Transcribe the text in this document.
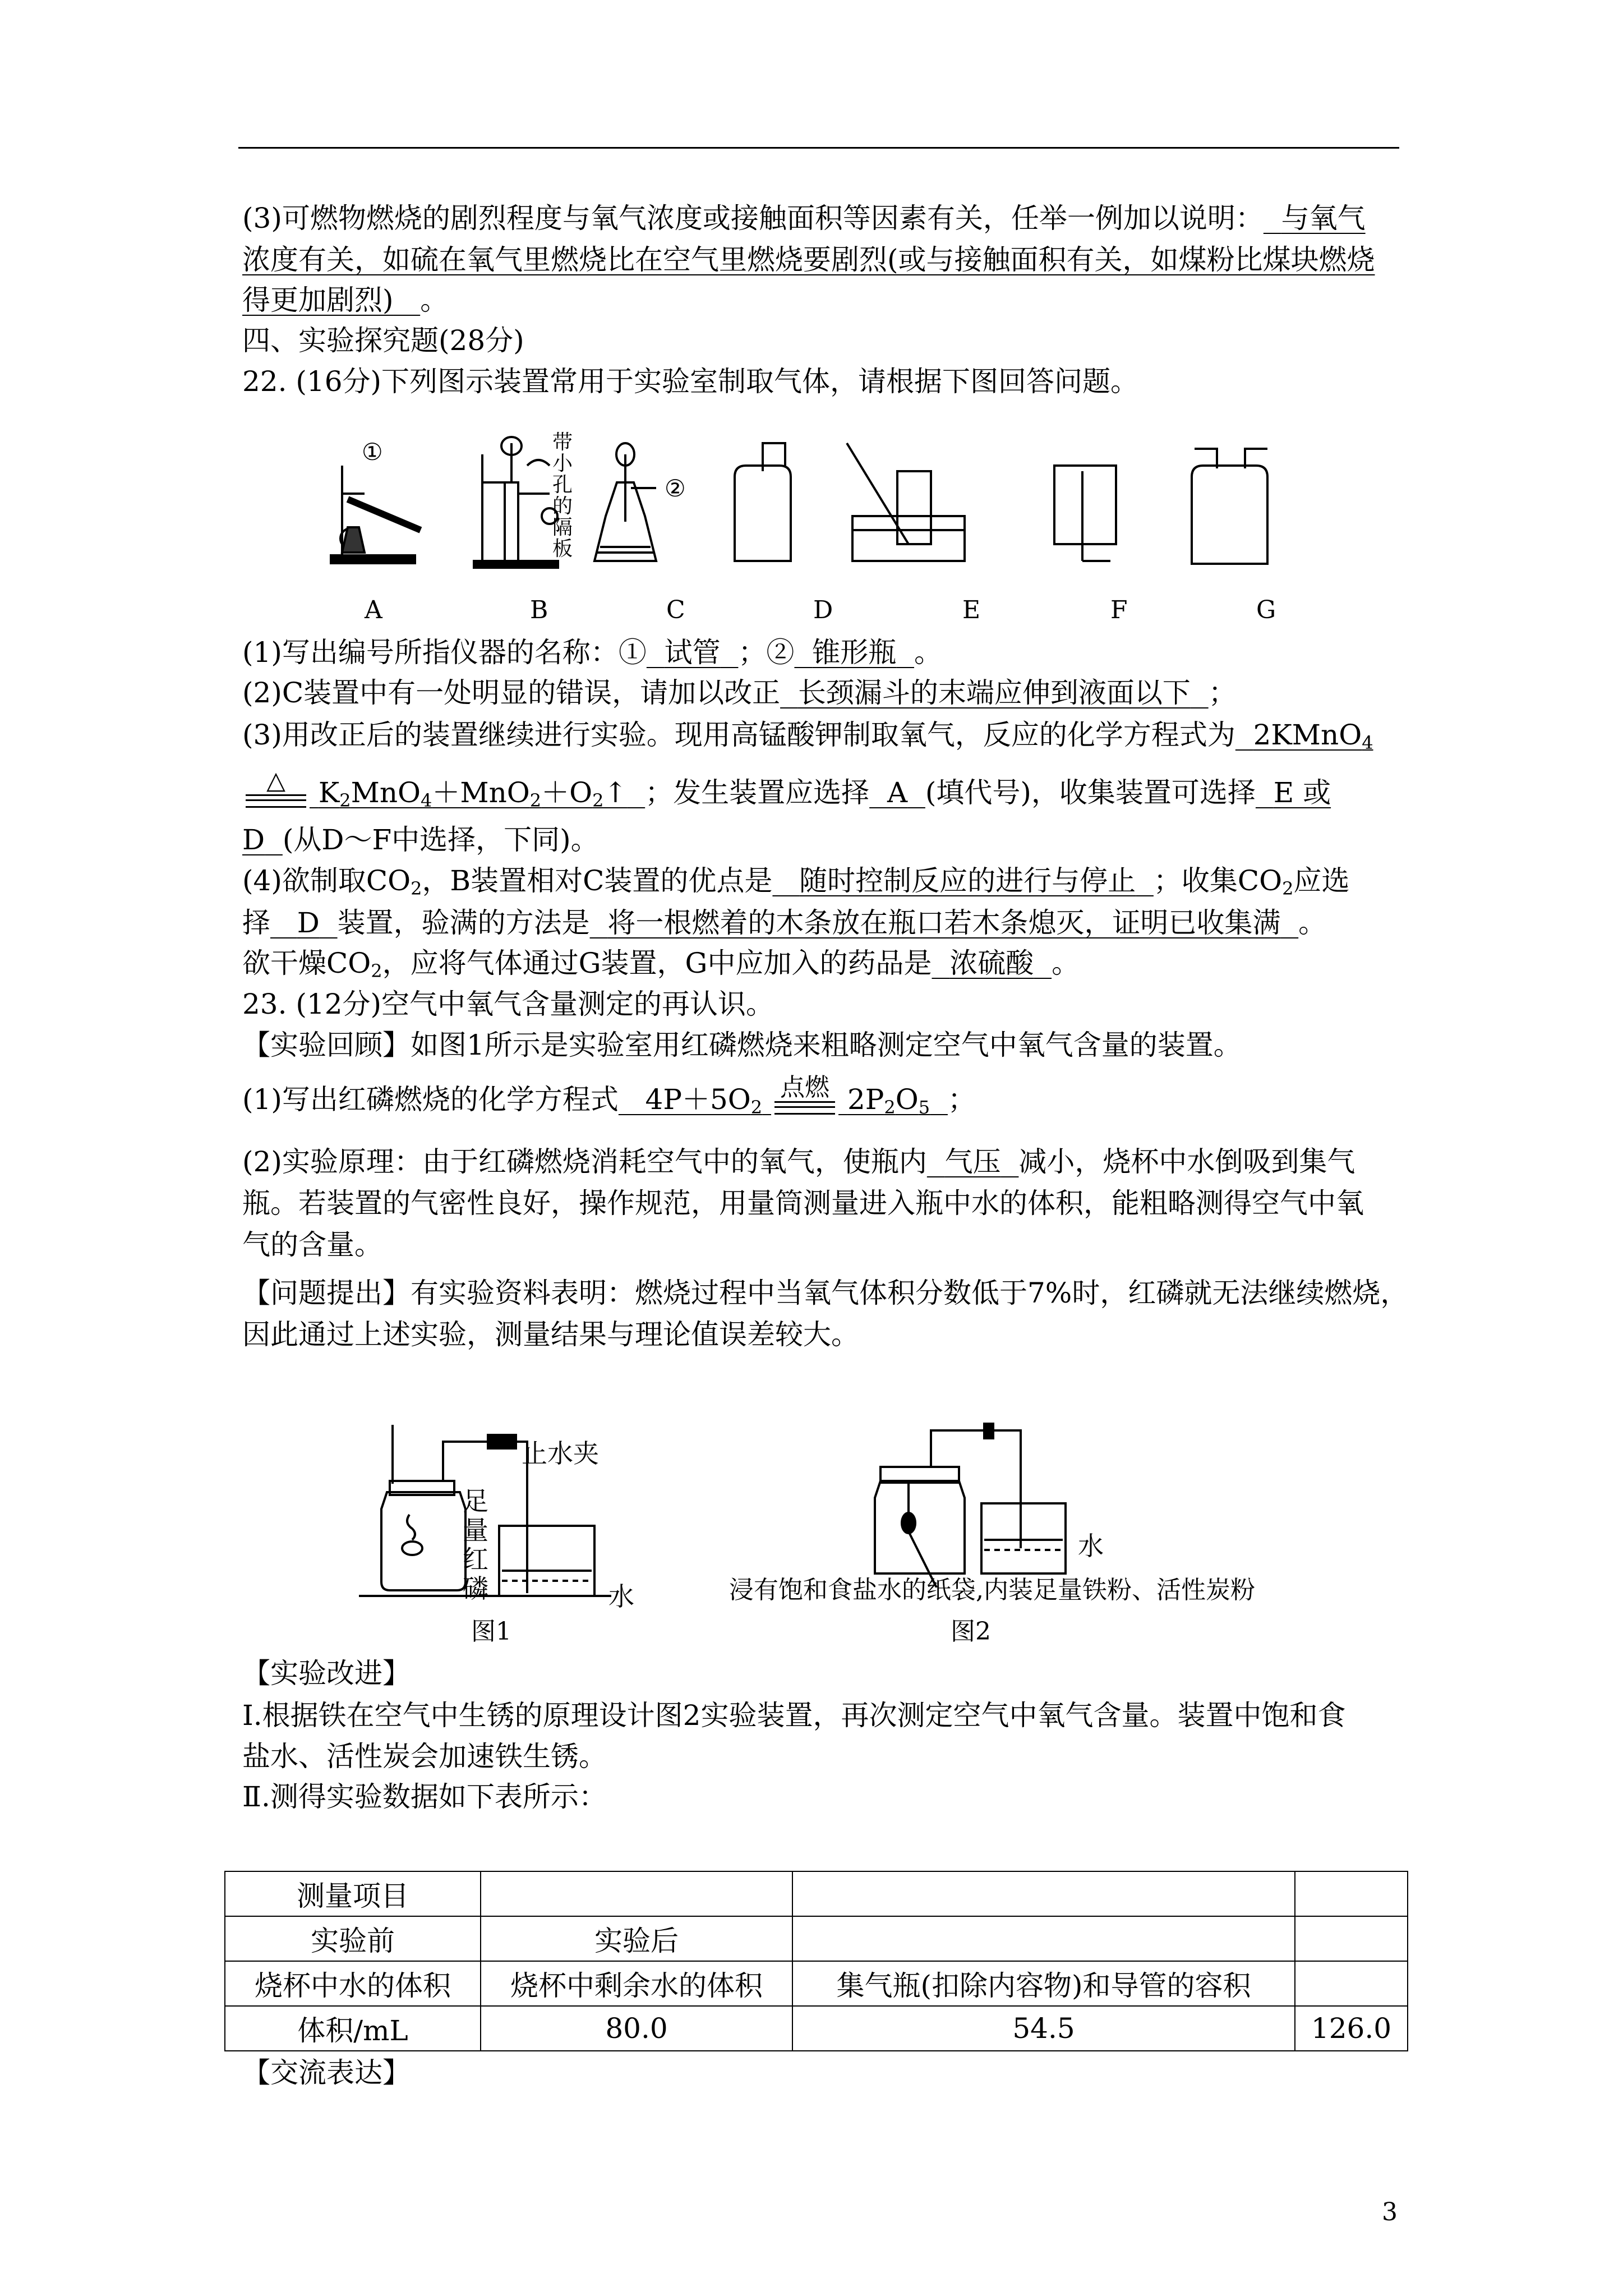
(3)可燃物燃烧的剧烈程度与氧气浓度或接触面积等因素有关，任举一例加以说明： 与氧气
浓度有关，如硫在氧气里燃烧比在空气里燃烧要剧烈(或与接触面积有关，如煤粉比煤块燃烧
得更加剧烈) 。
四、实验探究题(28分)
22. (16分)下列图示装置常用于实验室制取气体，请根据下图回答问题。
①
②
带小孔的隔板
A	B	C	D	E	F	G
(1)写出编号所指仪器的名称：① 试管 ；② 锥形瓶 。
(2)C装置中有一处明显的错误，请加以改正 长颈漏斗的末端应伸到液面以下 ；
(3)用改正后的装置继续进行实验。现用高锰酸钾制取氧气，反应的化学方程式为 2KMnO$_4$
△	$K_2MnO_4+MnO_2+O_2↑$ ；发生装置应选择 A (填代号)，收集装置可选择 E 或
D (从D～F中选择，下同)。
(4)欲制取$CO_2$，B装置相对C装置的优点是 随时控制反应的进行与停止 ；收集$CO_2$应选
择 D 装置，验满的方法是 将一根燃着的木条放在瓶口若木条熄灭，证明已收集满 。
欲干燥$CO_2$，应将气体通过G装置，G中应加入的药品是 浓硫酸 。
23. (12分)空气中氧气含量测定的再认识。
【实验回顾】如图1所示是实验室用红磷燃烧来粗略测定空气中氧气含量的装置。
(1)写出红磷燃烧的化学方程式 $4P+5O_2$
点燃 $2P_2O_5$ ；
(2)实验原理：由于红磷燃烧消耗空气中的氧气，使瓶内 气压 减小，烧杯中水倒吸到集气
瓶。若装置的气密性良好，操作规范，用量筒测量进入瓶中水的体积，能粗略测得空气中氧
气的含量。
【问题提出】有实验资料表明：燃烧过程中当氧气体积分数低于7%时，红磷就无法继续燃烧，
因此通过上述实验，测量结果与理论值误差较大。
止水夹
足量红磷	水
图1
水
浸有饱和食盐水的纸袋,内装足量铁粉、活性炭粉
图2
【实验改进】
Ⅰ.根据铁在空气中生锈的原理设计图2实验装置，再次测定空气中氧气含量。装置中饱和食
盐水、活性炭会加速铁生锈。
Ⅱ.测得实验数据如下表所示：
测量项目			
实验前	实验后		
烧杯中水的体积	烧杯中剩余水的体积	集气瓶(扣除内容物)和导管的容积	
体积/mL	80.0	54.5	126.0
【交流表达】
3
